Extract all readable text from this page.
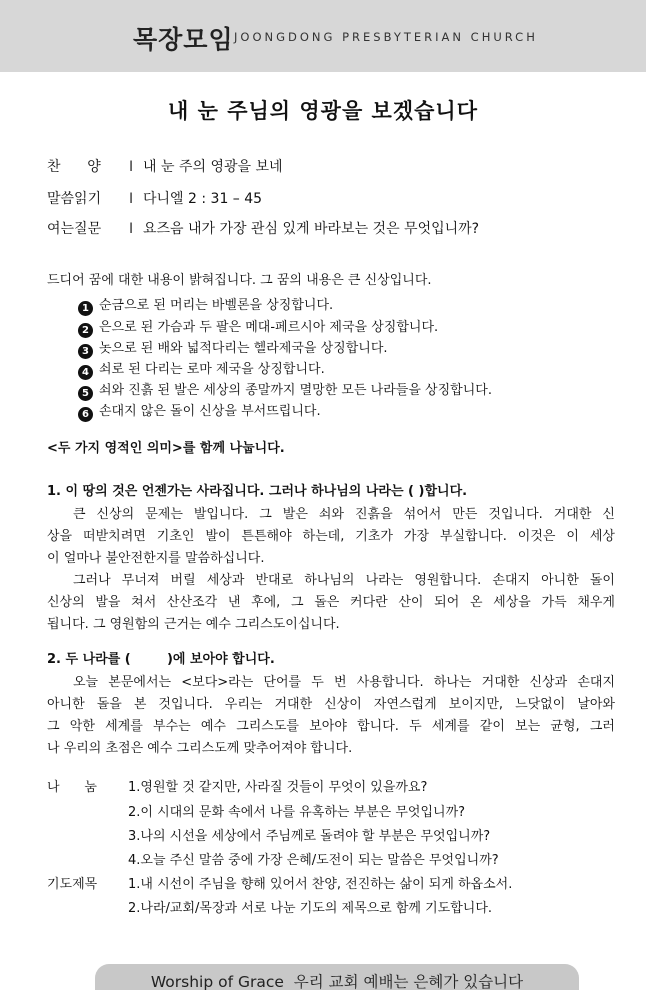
목장모임 JOONGDONG PRESBYTERIAN CHURCH
내 눈 주님의 영광을 보겠습니다
찬      양 I 내 눈 주의 영광을 보네
말씀읽기 I 다니엘 2 : 31 – 45
여는질문 I 요즈음 내가 가장 관심 있게 바라보는 것은 무엇입니까?
드디어 꿈에 대한 내용이 밝혀집니다. 그 꿈의 내용은 큰 신상입니다.
1 순금으로 된 머리는 바벨론을 상징합니다.
2 은으로 된 가슴과 두 팔은 메대-페르시아 제국을 상징합니다.
3 놋으로 된 배와 넓적다리는 헬라제국을 상징합니다.
4 쇠로 된 다리는 로마 제국을 상징합니다.
5 쇠와 진흙 된 발은 세상의 종말까지 멸망한 모든 나라들을 상징합니다.
6 손대지 않은 돌이 신상을 부서뜨립니다.
<두 가지 영적인 의미>를 함께 나눕니다.
1. 이 땅의 것은 언젠가는 사라집니다. 그러나 하나님의 나라는 ( )합니다.
큰 신상의 문제는 발입니다. 그 발은 쇠와 진흙을 섞어서 만든 것입니다. 거대한 신
상을 떠받치려면 기초인 발이 튼튼해야 하는데, 기초가 가장 부실합니다. 이것은 이 세상
이 얼마나 불안전한지를 말씀하십니다.
그러나 무너져 버릴 세상과 반대로 하나님의 나라는 영원합니다. 손대지 아니한 돌이
신상의 발을 쳐서 산산조각 낸 후에, 그 돌은 커다란 산이 되어 온 세상을 가득 채우게
됩니다. 그 영원함의 근거는 예수 그리스도이십니다.
2. 두 나라를 (        )에 보아야 합니다.
오늘 본문에서는 <보다>라는 단어를 두 번 사용합니다. 하나는 거대한 신상과 손대지
아니한 돌을 본 것입니다. 우리는 거대한 신상이 자연스럽게 보이지만, 느닷없이 날아와
그 악한 세계를 부수는 예수 그리스도를 보아야 합니다. 두 세계를 같이 보는 균형, 그러
나 우리의 초점은 예수 그리스도께 맞추어져야 합니다.
나      눔 1.영원할 것 같지만, 사라질 것들이 무엇이 있을까요?
2.이 시대의 문화 속에서 나를 유혹하는 부분은 무엇입니까?
3.나의 시선을 세상에서 주님께로 돌려야 할 부분은 무엇입니까?
4.오늘 주신 말씀 중에 가장 은혜/도전이 되는 말씀은 무엇입니까?
기도제목 1.내 시선이 주님을 향해 있어서 찬양, 전진하는 삶이 되게 하옵소서.
2.나라/교회/목장과 서로 나눈 기도의 제목으로 함께 기도합니다.
Worship of Grace  우리 교회 예배는 은혜가 있습니다
